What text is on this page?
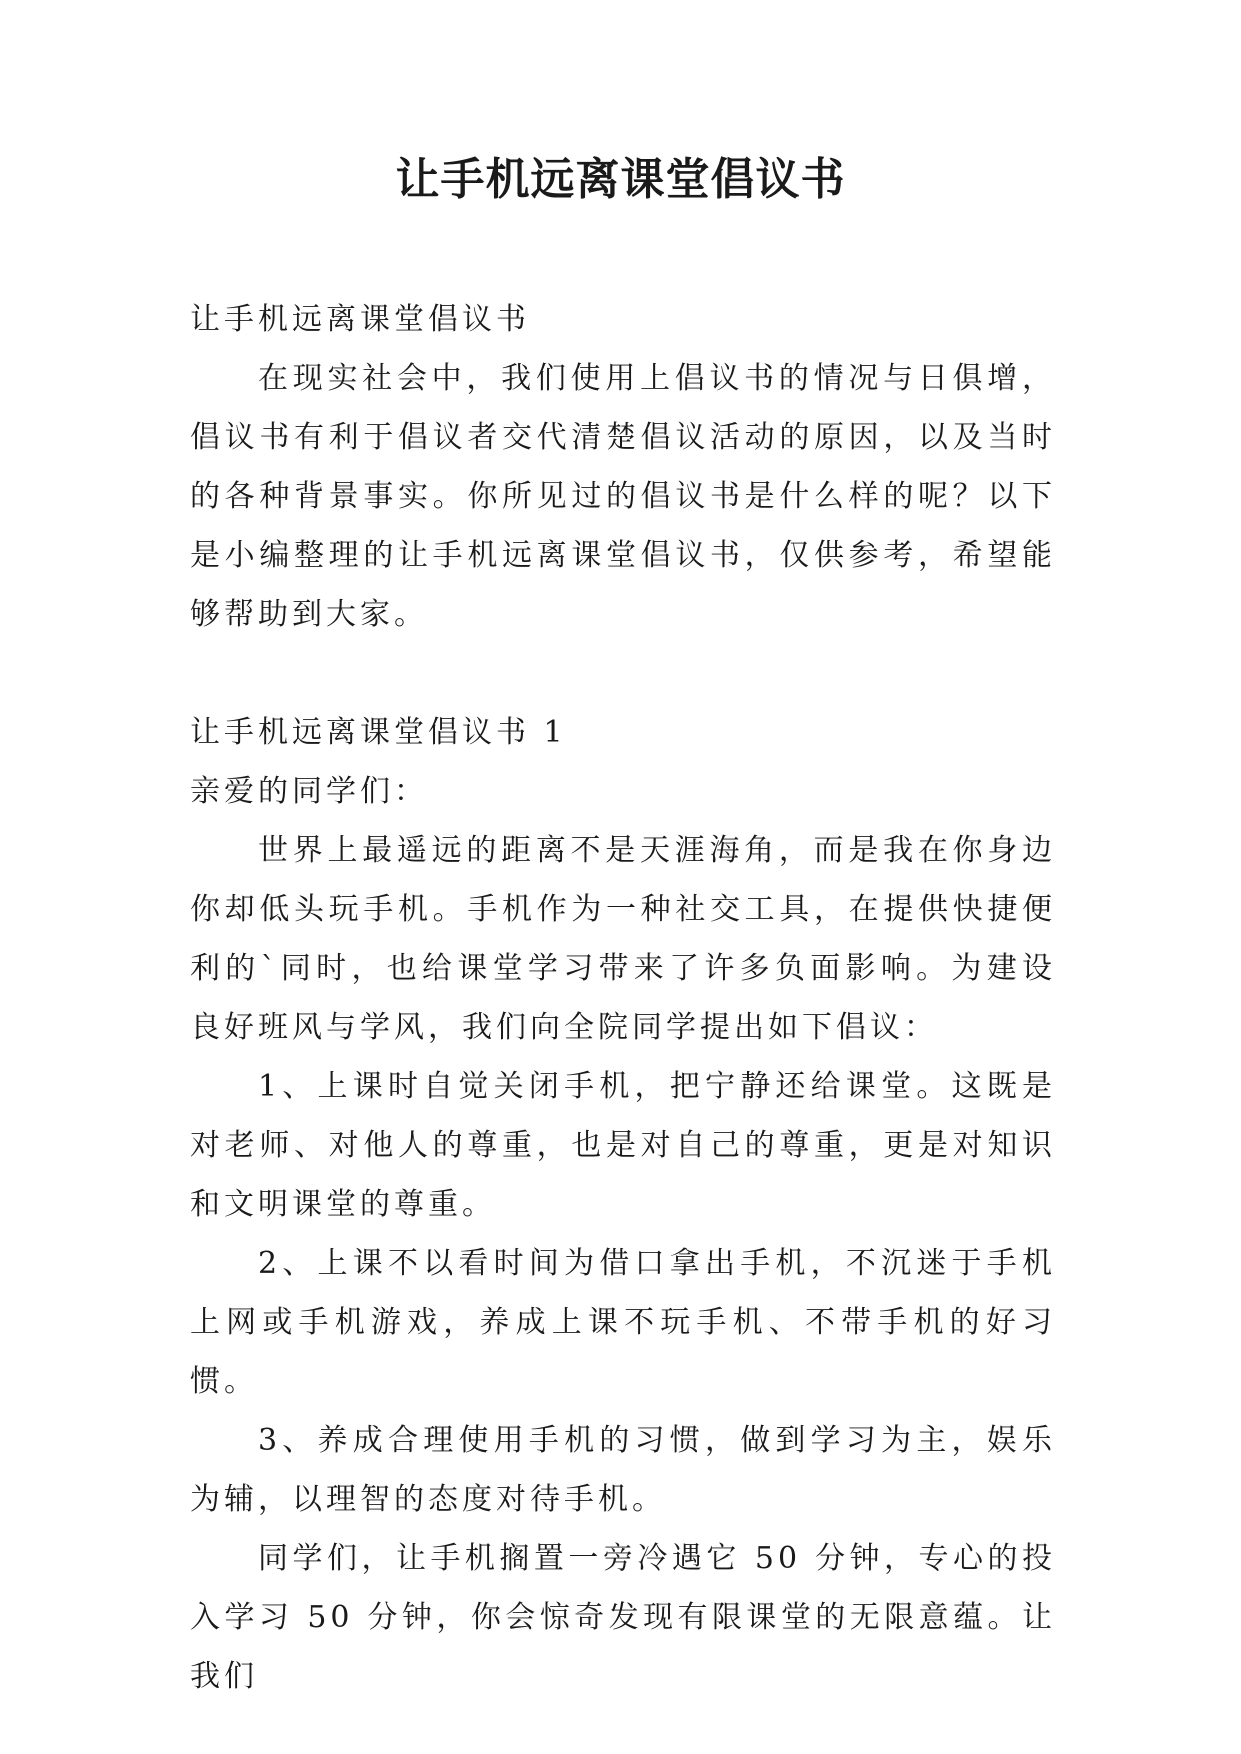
让手机远离课堂倡议书

让手机远离课堂倡议书

在现实社会中，我们使用上倡议书的情况与日俱增，倡议书有利于倡议者交代清楚倡议活动的原因，以及当时的各种背景事实。你所见过的倡议书是什么样的呢？以下是小编整理的让手机远离课堂倡议书，仅供参考，希望能够帮助到大家。

让手机远离课堂倡议书 1

亲爱的同学们：

世界上最遥远的距离不是天涯海角，而是我在你身边你却低头玩手机。手机作为一种社交工具，在提供快捷便利的`同时，也给课堂学习带来了许多负面影响。为建设良好班风与学风，我们向全院同学提出如下倡议：

1、上课时自觉关闭手机，把宁静还给课堂。这既是对老师、对他人的尊重，也是对自己的尊重，更是对知识和文明课堂的尊重。

2、上课不以看时间为借口拿出手机，不沉迷于手机上网或手机游戏，养成上课不玩手机、不带手机的好习惯。

3、养成合理使用手机的习惯，做到学习为主，娱乐为辅，以理智的态度对待手机。

同学们，让手机搁置一旁冷遇它 50 分钟，专心的投入学习 50 分钟，你会惊奇发现有限课堂的无限意蕴。让我们
